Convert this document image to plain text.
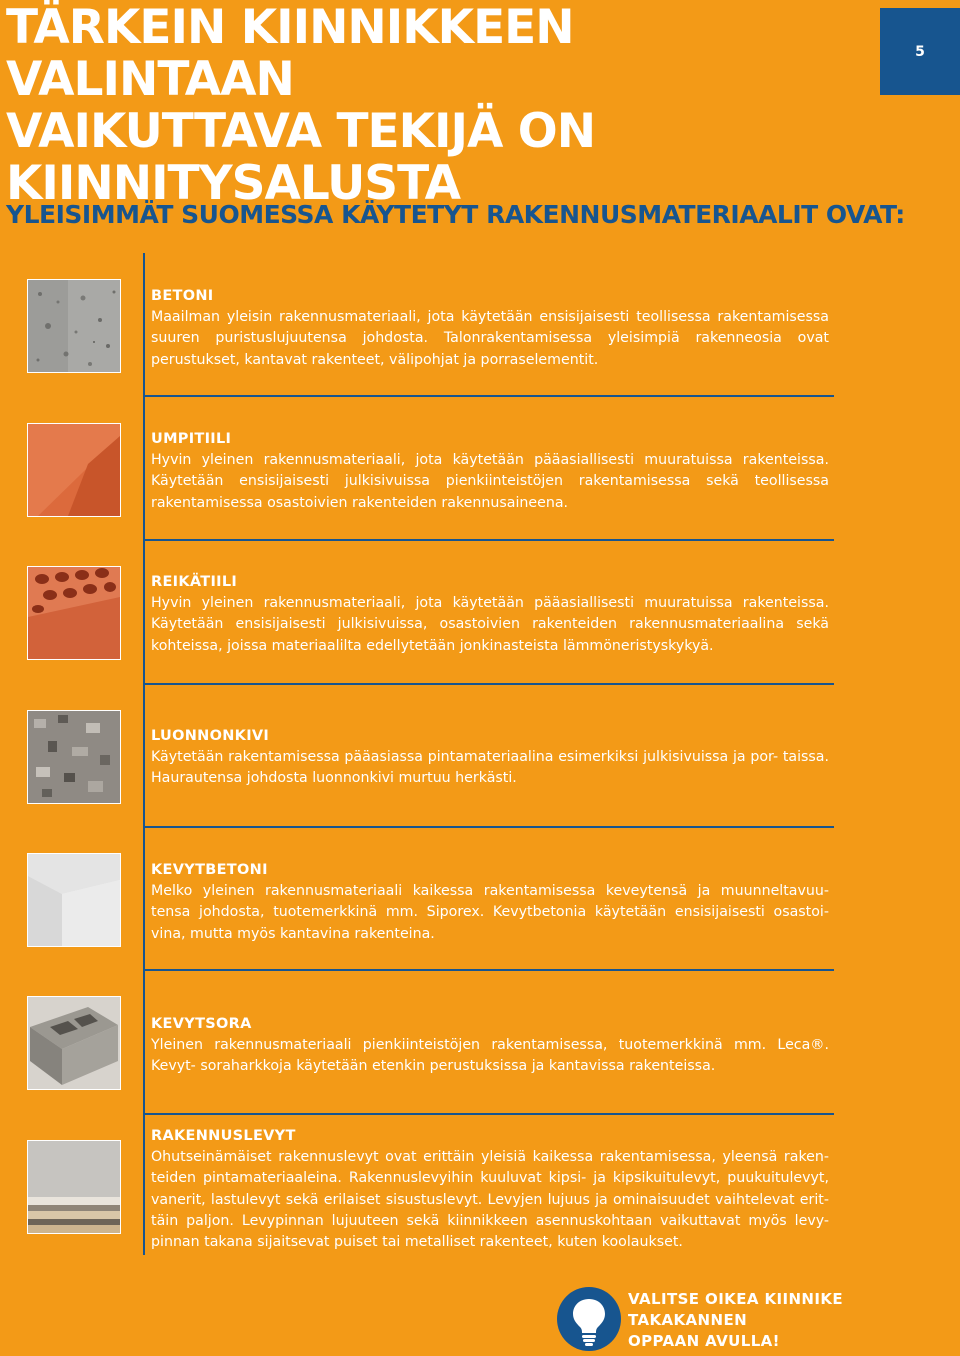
TÄRKEIN KIINNIKKEEN VALINTAAN
VAIKUTTAVA TEKIJÄ ON
KIINNITYSALUSTA
5
YLEISIMMÄT SUOMESSA KÄYTETYT RAKENNUSMATERIAALIT OVAT:
BETONI

Maailman yleisin rakennusmateriaali, jota käytetään ensisijaisesti teollisessa rakentamisessa suuren puristuslujuutensa johdosta. Talonrakentamisessa yleisimpiä rakenneosia ovat perustukset, kantavat rakenteet, välipohjat ja porraselementit.

UMPITIILI

Hyvin yleinen rakennusmateriaali, jota käytetään pääasiallisesti muuratuissa rakenteissa. Käytetään ensisijaisesti julkisivuissa pienkiinteistöjen rakentamisessa sekä teollisessa rakentamisessa osastoivien rakenteiden rakennusaineena.

REIKÄTIILI

Hyvin yleinen rakennusmateriaali, jota käytetään pääasiallisesti muuratuissa rakenteissa. Käytetään ensisijaisesti julkisivuissa, osastoivien rakenteiden rakennusmateriaalina sekä kohteissa, joissa materiaalilta edellytetään jonkinasteista lämmöneristyskykyä.

LUONNONKIVI

Käytetään rakentamisessa pääasiassa pintamateriaalina esimerkiksi julkisivuissa ja por- taissa. Haurautensa johdosta luonnonkivi murtuu herkästi.

KEVYTBETONI

Melko yleinen rakennusmateriaali kaikessa rakentamisessa keveytensä ja muunneltavuu- tensa johdosta, tuotemerkkinä mm. Siporex. Kevytbetonia käytetään ensisijaisesti osastoi- vina, mutta myös kantavina rakenteina.

KEVYTSORA

Yleinen rakennusmateriaali pienkiinteistöjen rakentamisessa, tuotemerkkinä mm. Leca®. Kevyt- soraharkkoja käytetään etenkin perustuksissa ja kantavissa rakenteissa.

RAKENNUSLEVYT

Ohutseinämäiset rakennuslevyt ovat erittäin yleisiä kaikessa rakentamisessa, yleensä raken- teiden pintamateriaaleina. Rakennuslevyihin kuuluvat kipsi- ja kipsikuitulevyt, puukuitulevyt, vanerit, lastulevyt sekä erilaiset sisustuslevyt. Levyjen lujuus ja ominaisuudet vaihtelevat erit- täin paljon. Levypinnan lujuuteen sekä kiinnikkeen asennuskohtaan vaikuttavat myös levy- pinnan takana sijaitsevat puiset tai metalliset rakenteet, kuten koolaukset.

VALITSE OIKEA KIINNIKE
TAKAKANNEN
OPPAAN AVULLA!
